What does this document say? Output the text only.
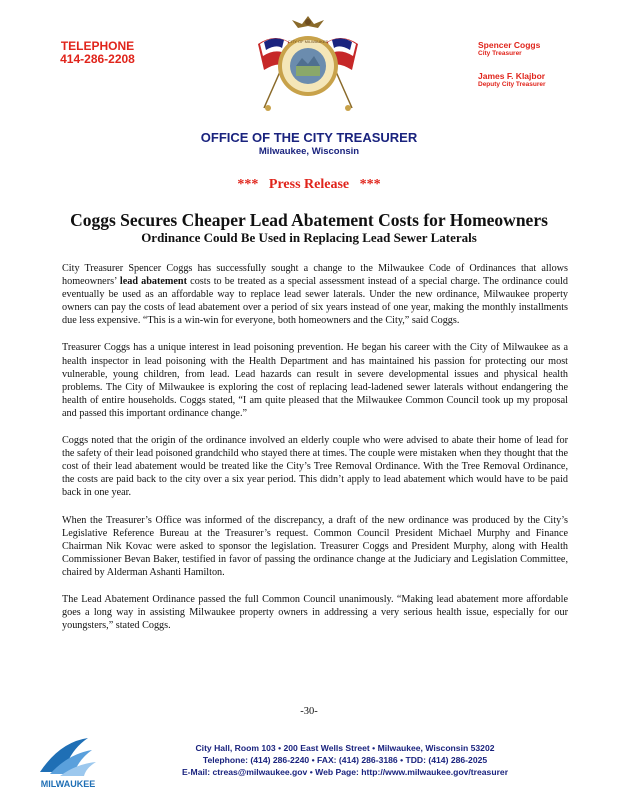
TELEPHONE
414-286-2208
CITY OF MILWAUKEE	Spencer Coggs
City Treasurer
James F. Klajbor
Deputy City Treasurer
OFFICE OF THE CITY TREASURER
Milwaukee, Wisconsin
***   Press Release   ***
Coggs Secures Cheaper Lead Abatement Costs for Homeowners
Ordinance Could Be Used in Replacing Lead Sewer Laterals

City Treasurer Spencer Coggs has successfully sought a change to the Milwaukee Code of Ordinances that allows homeowners’ lead abatement costs to be treated as a special assessment instead of a special charge. The ordinance could eventually be used as an affordable way to replace lead sewer laterals. Under the new ordinance, Milwaukee property owners can pay the costs of lead abatement over a period of six years instead of one year, making the monthly installments due less expensive. “This is a win-win for everyone, both homeowners and the City,” said Coggs.

Treasurer Coggs has a unique interest in lead poisoning prevention. He began his career with the City of Milwaukee as a health inspector in lead poisoning with the Health Department and has maintained his passion for protecting our most vulnerable, young children, from lead. Lead hazards can result in severe developmental issues and physical health problems. The City of Milwaukee is exploring the cost of replacing lead-ladened sewer laterals without endangering the health of entire households. Coggs stated, “I am quite pleased that the Milwaukee Common Council took up my proposal and passed this important ordinance change.”

Coggs noted that the origin of the ordinance involved an elderly couple who were advised to abate their home of lead for the safety of their lead poisoned grandchild who stayed there at times. The couple were mistaken when they thought that the cost of their lead abatement would be treated like the City’s Tree Removal Ordinance. With the Tree Removal Ordinance, the costs are paid back to the city over a six year period. This didn’t apply to lead abatement which would have to be paid back in one year.

When the Treasurer’s Office was informed of the discrepancy, a draft of the new ordinance was produced by the City’s Legislative Reference Bureau at the Treasurer’s request. Common Council President Michael Murphy and Finance Chairman Nik Kovac were asked to sponsor the legislation. Treasurer Coggs and President Murphy, along with Health Commissioner Bevan Baker, testified in favor of passing the ordinance change at the Judiciary and Legislation Committee, chaired by Alderman Ashanti Hamilton.

The Lead Abatement Ordinance passed the full Common Council unanimously. “Making lead abatement more affordable goes a long way in assisting Milwaukee property owners in addressing a very serious health issue, especially for our youngsters,” stated Coggs.

-30-
MILWAUKEE
City Hall, Room 103 • 200 East Wells Street • Milwaukee, Wisconsin 53202
Telephone: (414) 286-2240 • FAX: (414) 286-3186 • TDD: (414) 286-2025
E-Mail: ctreas@milwaukee.gov • Web Page: http://www.milwaukee.gov/treasurer
